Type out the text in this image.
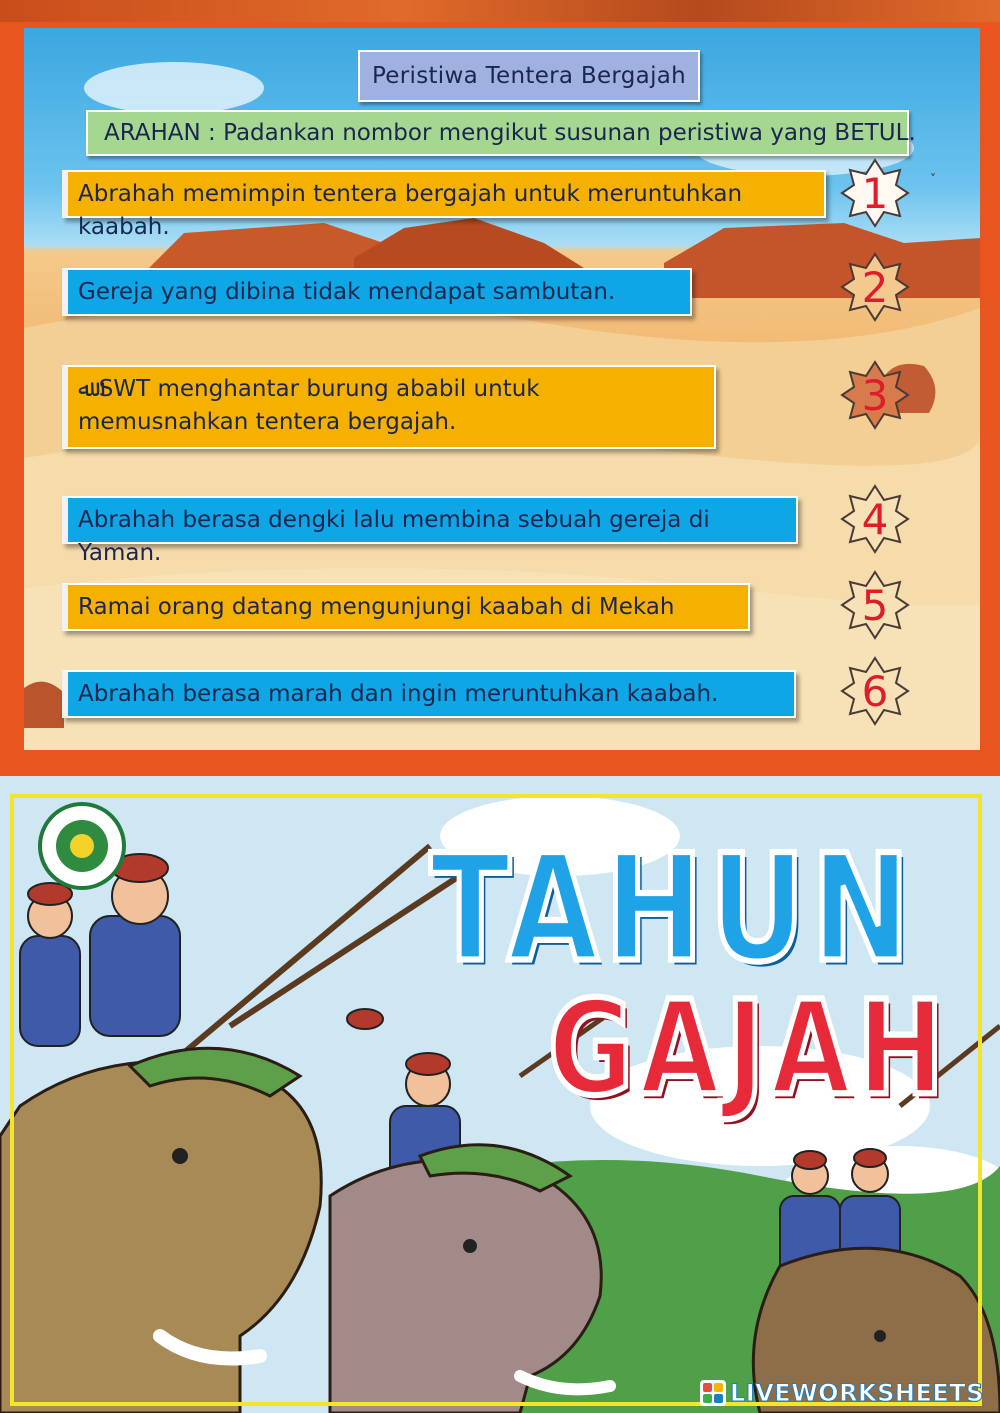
Peristiwa Tentera Bergajah
ARAHAN : Padankan nombor mengikut susunan peristiwa yang BETUL.
Abrahah memimpin tentera bergajah untuk meruntuhkan kaabah.
Gereja yang dibina tidak mendapat sambutan.
ﷲ SWT menghantar burung ababil untuk memusnahkan tentera bergajah.
Abrahah berasa dengki lalu membina sebuah gereja di Yaman.
Ramai orang datang mengunjungi kaabah di Mekah
Abrahah berasa marah dan ingin meruntuhkan kaabah.
˅
1
2
3
4
5
6
TAHUN
GAJAH
LIVEWORKSHEETS
